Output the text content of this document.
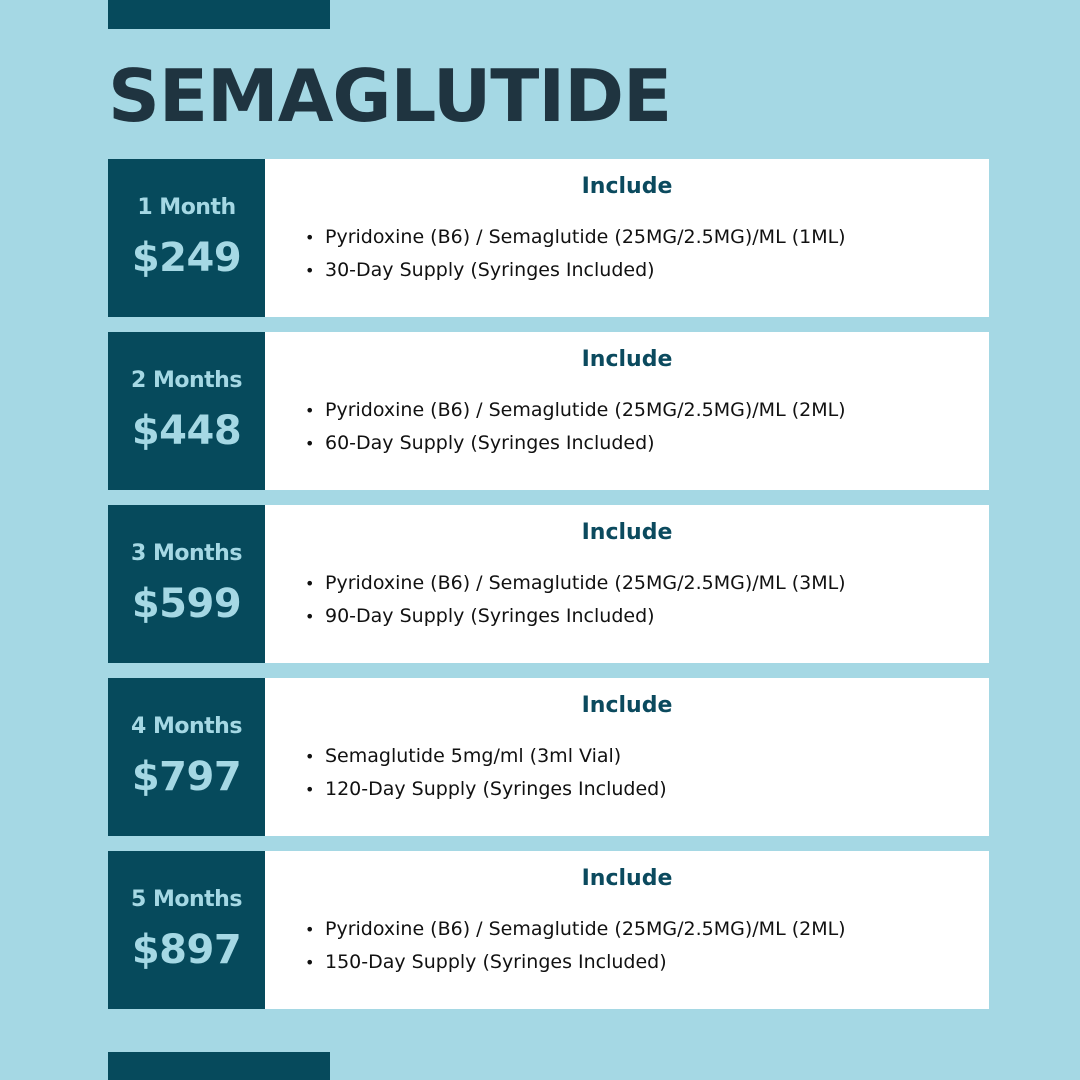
SEMAGLUTIDE
1 Month
$249
Include
• Pyridoxine (B6) / Semaglutide (25MG/2.5MG)/ML (1ML)
• 30-Day Supply (Syringes Included)
2 Months
$448
Include
• Pyridoxine (B6) / Semaglutide (25MG/2.5MG)/ML (2ML)
• 60-Day Supply (Syringes Included)
3 Months
$599
Include
• Pyridoxine (B6) / Semaglutide (25MG/2.5MG)/ML (3ML)
• 90-Day Supply (Syringes Included)
4 Months
$797
Include
• Semaglutide 5mg/ml (3ml Vial)
• 120-Day Supply (Syringes Included)
5 Months
$897
Include
• Pyridoxine (B6) / Semaglutide (25MG/2.5MG)/ML (2ML)
• 150-Day Supply (Syringes Included)
